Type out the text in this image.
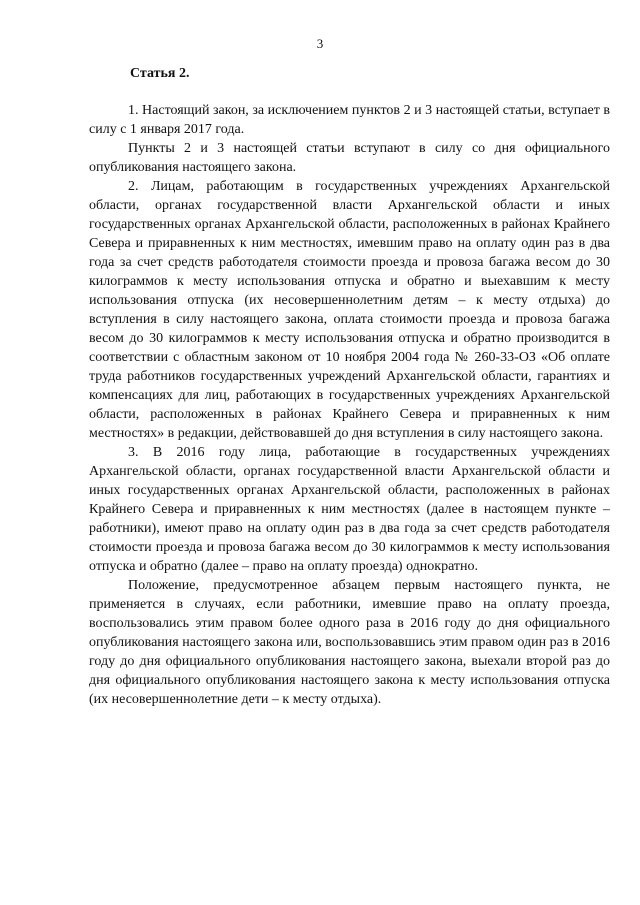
3
Статья 2.

1. Настоящий закон, за исключением пунктов 2 и 3 настоящей статьи, вступает в силу с 1 января 2017 года.

Пункты 2 и 3 настоящей статьи вступают в силу со дня официального опубликования настоящего закона.

2. Лицам, работающим в государственных учреждениях Архангельской области, органах государственной власти Архангельской области и иных государственных органах Архангельской области, расположенных в районах Крайнего Севера и приравненных к ним местностях, имевшим право на оплату один раз в два года за счет средств работодателя стоимости проезда и провоза багажа весом до 30 килограммов к месту использования отпуска и обратно и выехавшим к месту использования отпуска (их несовершеннолетним детям – к месту отдыха) до вступления в силу настоящего закона, оплата стоимости проезда и провоза багажа весом до 30 килограммов к месту использования отпуска и обратно производится в соответствии с областным законом от 10 ноября 2004 года № 260-33-ОЗ «Об оплате труда работников государственных учреждений Архангельской области, гарантиях и компенсациях для лиц, работающих в государственных учреждениях Архангельской области, расположенных в районах Крайнего Севера и приравненных к ним местностях» в редакции, действовавшей до дня вступления в силу настоящего закона.

3. В 2016 году лица, работающие в государственных учреждениях Архангельской области, органах государственной власти Архангельской области и иных государственных органах Архангельской области, расположенных в районах Крайнего Севера и приравненных к ним местностях (далее в настоящем пункте – работники), имеют право на оплату один раз в два года за счет средств работодателя стоимости проезда и провоза багажа весом до 30 килограммов к месту использования отпуска и обратно (далее – право на оплату проезда) однократно.

Положение, предусмотренное абзацем первым настоящего пункта, не применяется в случаях, если работники, имевшие право на оплату проезда, воспользовались этим правом более одного раза в 2016 году до дня официального опубликования настоящего закона или, воспользовавшись этим правом один раз в 2016 году до дня официального опубликования настоящего закона, выехали второй раз до дня официального опубликования настоящего закона к месту использования отпуска (их несовершеннолетние дети – к месту отдыха).
